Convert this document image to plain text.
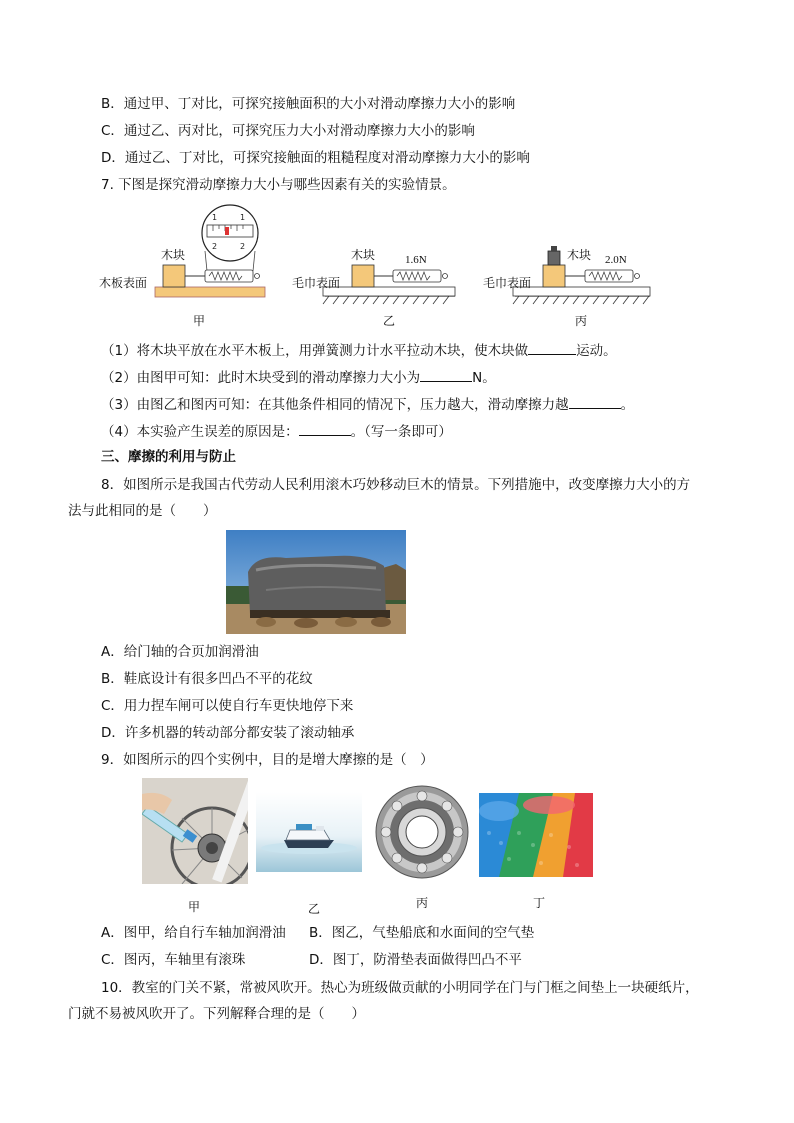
B．通过甲、丁对比，可探究接触面积的大小对滑动摩擦力大小的影响
C．通过乙、丙对比，可探究压力大小对滑动摩擦力大小的影响
D．通过乙、丁对比，可探究接触面的粗糙程度对滑动摩擦力大小的影响
7. 下图是探究滑动摩擦力大小与哪些因素有关的实验情景。
1	1
2	2
木块
木板表面
甲
木块	1.6N
毛巾表面
乙
木块 2.0N
毛巾表面
丙
（1）将木块平放在水平木板上，用弹簧测力计水平拉动木块，使木块做	运动。
（2）由图甲可知：此时木块受到的滑动摩擦力大小为	N。
（3）由图乙和图丙可知：在其他条件相同的情况下，压力越大，滑动摩擦力越	。
（4）本实验产生误差的原因是：	。（写一条即可）
三、摩擦的利用与防止
8．如图所示是我国古代劳动人民利用滚木巧妙移动巨木的情景。下列措施中，改变摩擦力大小的方
法与此相同的是（　　）
A．给门轴的合页加润滑油
B．鞋底设计有很多凹凸不平的花纹
C．用力捏车闸可以使自行车更快地停下来
D．许多机器的转动部分都安装了滚动轴承
9．如图所示的四个实例中，目的是增大摩擦的是（　）
甲	乙	丙	丁
A．图甲，给自行车轴加润滑油 B．图乙，气垫船底和水面间的空气垫
C．图丙，车轴里有滚珠	D．图丁，防滑垫表面做得凹凸不平
10．教室的门关不紧，常被风吹开。热心为班级做贡献的小明同学在门与门框之间垫上一块硬纸片，
门就不易被风吹开了。下列解释合理的是（　　）
